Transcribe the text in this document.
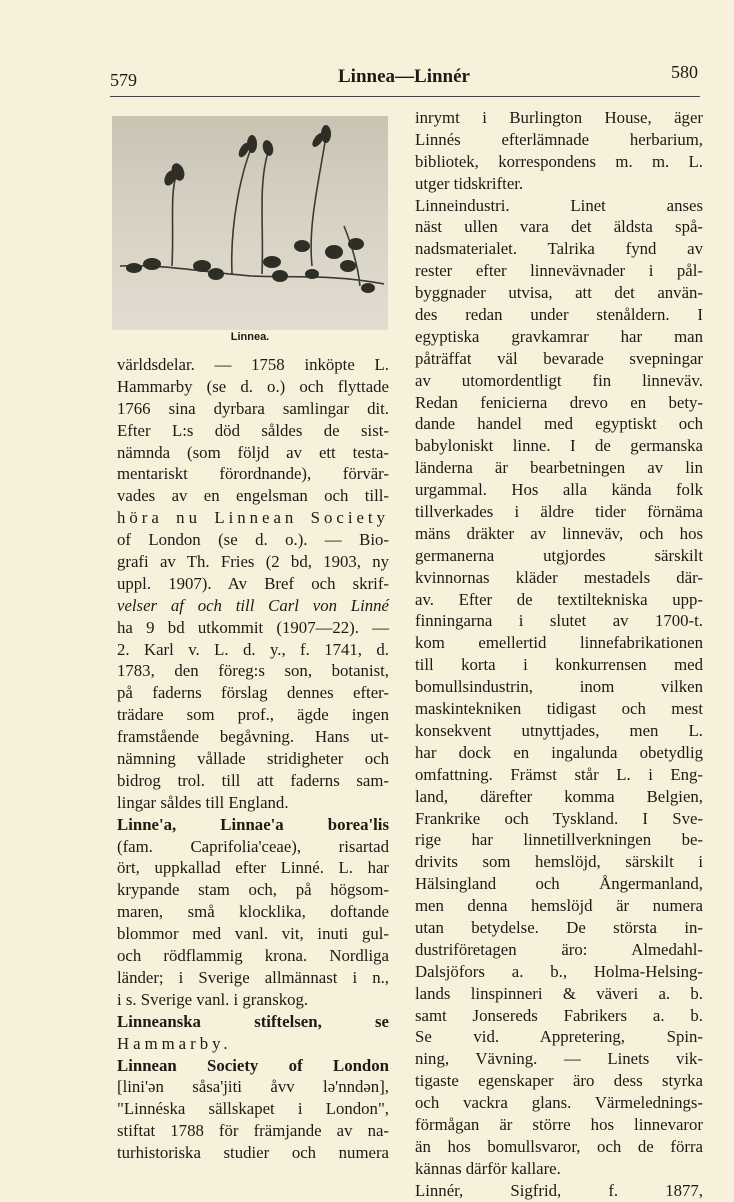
579	Linnea—Linnér	580
Linnea.
världsdelar. — 1758 inköpte L.
Hammarby (se d. o.) och flyttade
1766 sina dyrbara samlingar dit.
Efter L:s död såldes de sist-
nämnda (som följd av ett testa-
mentariskt förordnande), förvär-
vades av en engelsman och till-
höra nu Linnean Society
of London (se d. o.). — Bio-
grafi av Th. Fries (2 bd, 1903, ny
uppl. 1907). Av Bref och skrif-
velser af och till Carl von Linné
ha 9 bd utkommit (1907—22). —
2. Karl v. L. d. y., f. 1741, d.
1783, den föreg:s son, botanist,
på faderns förslag dennes efter-
trädare som prof., ägde ingen
framstående begåvning. Hans ut-
nämning vållade stridigheter och
bidrog trol. till att faderns sam-
lingar såldes till England.
Linne'a, Linnae'a borea'lis
(fam. Caprifolia'ceae), risartad
ört, uppkallad efter Linné. L. har
krypande stam och, på högsom-
maren, små klocklika, doftande
blommor med vanl. vit, inuti gul-
och rödflammig krona. Nordliga
länder; i Sverige allmännast i n.,
i s. Sverige vanl. i granskog.
Linneanska stiftelsen, se
Hammarby.
Linnean Society of London
[lini'ən såsa'jiti åvv lə'nndən],
"Linnéska sällskapet i London",
stiftat 1788 för främjande av na-
turhistoriska studier och numera
inrymt i Burlington House, äger
Linnés efterlämnade herbarium,
bibliotek, korrespondens m. m. L.
utger tidskrifter.
Linneindustri. Linet anses
näst ullen vara det äldsta spå-
nadsmaterialet. Talrika fynd av
rester efter linnevävnader i pål-
byggnader utvisa, att det använ-
des redan under stenåldern. I
egyptiska gravkamrar har man
påträffat väl bevarade svepningar
av utomordentligt fin linneväv.
Redan fenicierna drevo en bety-
dande handel med egyptiskt och
babyloniskt linne. I de germanska
länderna är bearbetningen av lin
urgammal. Hos alla kända folk
tillverkades i äldre tider förnäma
mäns dräkter av linneväv, och hos
germanerna utgjordes särskilt
kvinnornas kläder mestadels där-
av. Efter de textiltekniska upp-
finningarna i slutet av 1700-t.
kom emellertid linnefabrikationen
till korta i konkurrensen med
bomullsindustrin, inom vilken
maskintekniken tidigast och mest
konsekvent utnyttjades, men L.
har dock en ingalunda obetydlig
omfattning. Främst står L. i Eng-
land, därefter komma Belgien,
Frankrike och Tyskland. I Sve-
rige har linnetillverkningen be-
drivits som hemslöjd, särskilt i
Hälsingland och Ångermanland,
men denna hemslöjd är numera
utan betydelse. De största in-
dustriföretagen äro: Almedahl-
Dalsjöfors a. b., Holma-Helsing-
lands linspinneri & väveri a. b.
samt Jonsereds Fabrikers a. b.
Se vid. Appretering, Spin-
ning, Vävning. — Linets vik-
tigaste egenskaper äro dess styrka
och vackra glans. Värmelednings-
förmågan är större hos linnevaror
än hos bomullsvaror, och de förra
kännas därför kallare.
Linnér, Sigfrid, f. 1877,
